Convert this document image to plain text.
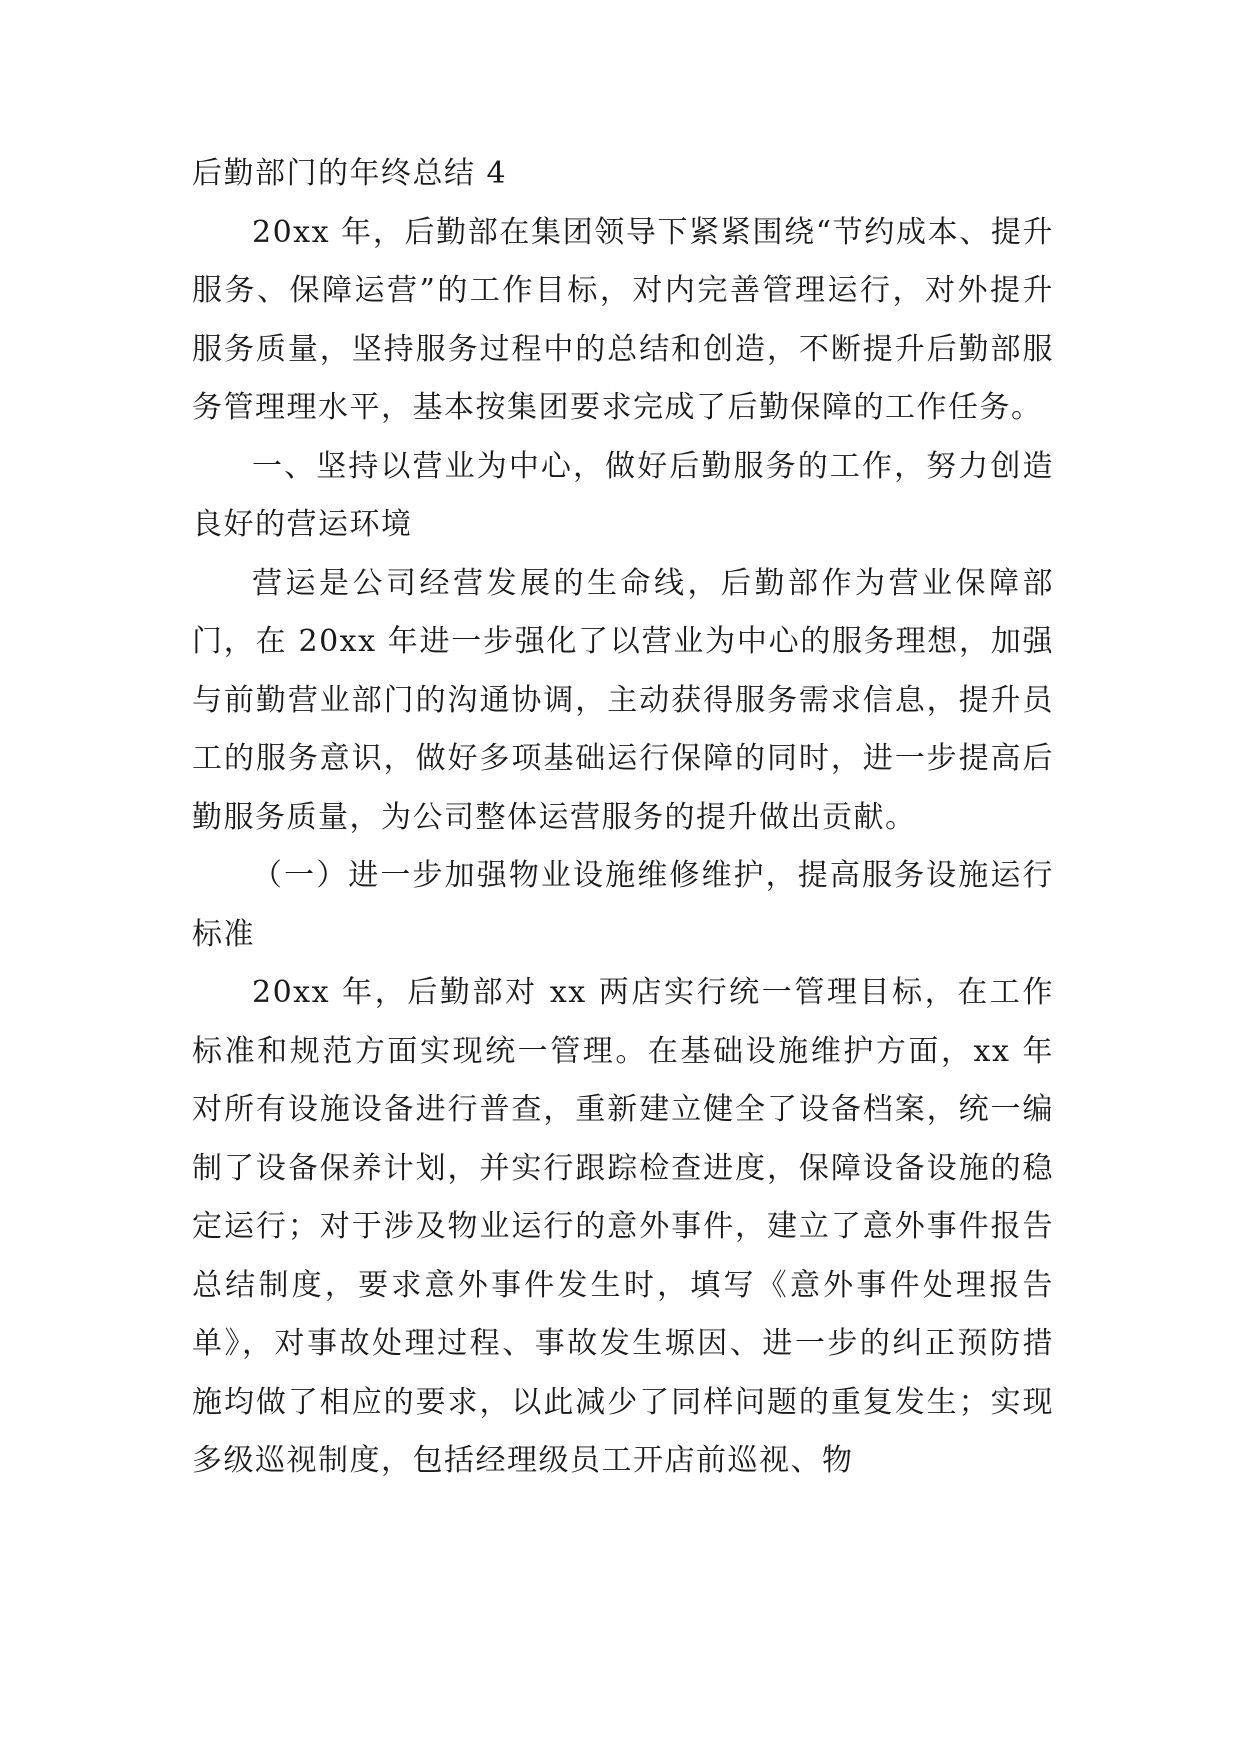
后勤部门的年终总结 4

20xx 年，后勤部在集团领导下紧紧围绕“节约成本、提升服务、保障运营”的工作目标，对内完善管理运行，对外提升服务质量，坚持服务过程中的总结和创造，不断提升后勤部服务管理理水平，基本按集团要求完成了后勤保障的工作任务。

一、坚持以营业为中心，做好后勤服务的工作，努力创造良好的营运环境

营运是公司经营发展的生命线，后勤部作为营业保障部门，在 20xx 年进一步强化了以营业为中心的服务理想，加强与前勤营业部门的沟通协调，主动获得服务需求信息，提升员工的服务意识，做好多项基础运行保障的同时，进一步提高后勤服务质量，为公司整体运营服务的提升做出贡献。

（一）进一步加强物业设施维修维护，提高服务设施运行标准

20xx 年，后勤部对 xx 两店实行统一管理目标，在工作标准和规范方面实现统一管理。在基础设施维护方面，xx 年对所有设施设备进行普查，重新建立健全了设备档案，统一编制了设备保养计划，并实行跟踪检查进度，保障设备设施的稳定运行；对于涉及物业运行的意外事件，建立了意外事件报告总结制度，要求意外事件发生时，填写《意外事件处理报告单》，对事故处理过程、事故发生塬因、进一步的纠正预防措施均做了相应的要求，以此减少了同样问题的重复发生；实现多级巡视制度，包括经理级员工开店前巡视、物
